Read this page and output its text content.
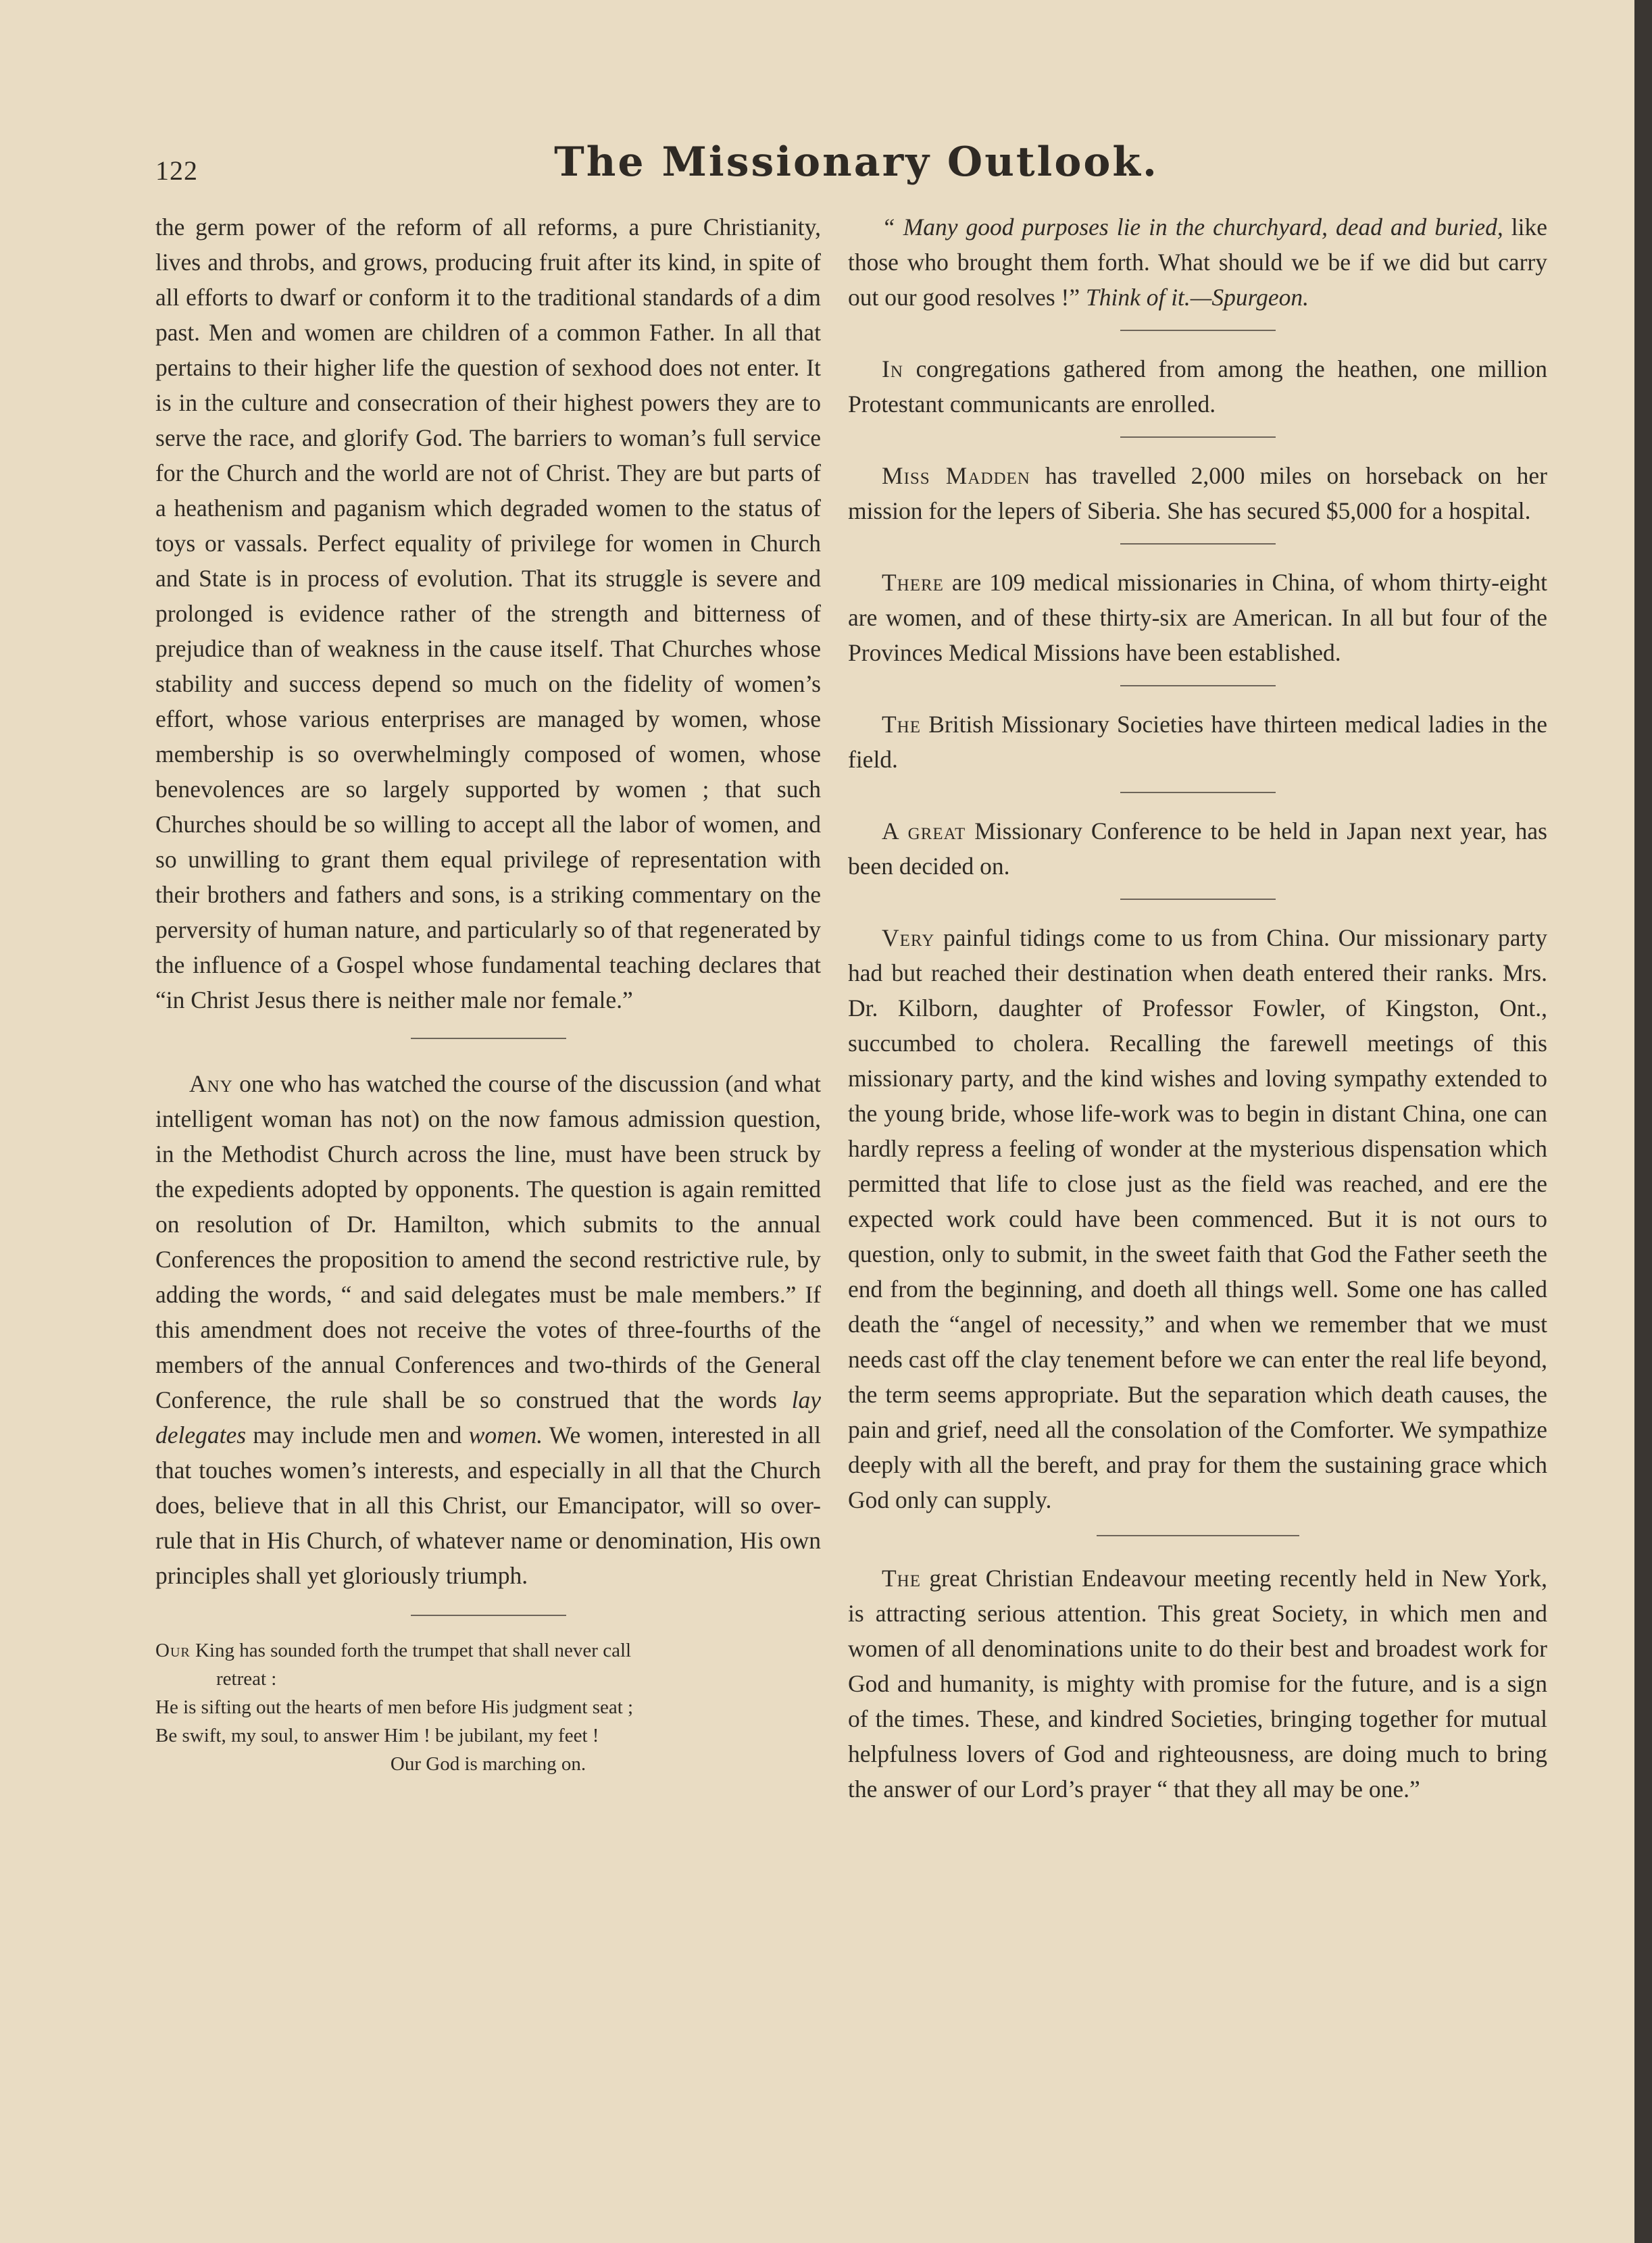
122	The Missionary Outlook.

the germ power of the reform of all reforms, a pure Christianity, lives and throbs, and grows, producing fruit after its kind, in spite of all efforts to dwarf or conform it to the traditional standards of a dim past. Men and women are children of a common Father. In all that pertains to their higher life the question of sexhood does not enter. It is in the culture and consecration of their highest powers they are to serve the race, and glorify God. The barriers to woman’s full service for the Church and the world are not of Christ. They are but parts of a heathenism and paganism which degraded women to the status of toys or vassals. Perfect equality of privilege for women in Church and State is in process of evolution. That its struggle is severe and prolonged is evidence rather of the strength and bitterness of prejudice than of weakness in the cause itself. That Churches whose stability and success depend so much on the fidelity of women’s effort, whose various enterprises are managed by women, whose membership is so overwhelmingly composed of women, whose benevolences are so largely supported by women ; that such Churches should be so willing to accept all the labor of women, and so unwilling to grant them equal privilege of representation with their brothers and fathers and sons, is a striking commentary on the perversity of human nature, and particularly so of that regenerated by the influence of a Gospel whose fundamental teaching declares that “in Christ Jesus there is neither male nor female.”

Any one who has watched the course of the discussion (and what intelligent woman has not) on the now famous admission question, in the Methodist Church across the line, must have been struck by the expedients adopted by opponents. The question is again remitted on resolution of Dr. Hamilton, which submits to the annual Conferences the proposition to amend the second restrictive rule, by adding the words, “ and said delegates must be male members.” If this amendment does not receive the votes of three-fourths of the members of the annual Conferences and two-thirds of the General Conference, the rule shall be so construed that the words lay delegates may include men and women. We women, interested in all that touches women’s interests, and especially in all that the Church does, believe that in all this Christ, our Emancipator, will so over-rule that in His Church, of whatever name or denomination, His own principles shall yet gloriously triumph.

Our King has sounded forth the trumpet that shall never call
retreat :
He is sifting out the hearts of men before His judgment seat ;
Be swift, my soul, to answer Him ! be jubilant, my feet !
Our God is marching on.

“ Many good purposes lie in the churchyard, dead and buried, like those who brought them forth. What should we be if we did but carry out our good resolves !” Think of it.—Spurgeon.

In congregations gathered from among the heathen, one million Protestant communicants are enrolled.

Miss Madden has travelled 2,000 miles on horseback on her mission for the lepers of Siberia. She has secured $5,000 for a hospital.

There are 109 medical missionaries in China, of whom thirty-eight are women, and of these thirty-six are American. In all but four of the Provinces Medical Missions have been established.

The British Missionary Societies have thirteen medical ladies in the field.

A great Missionary Conference to be held in Japan next year, has been decided on.

Very painful tidings come to us from China. Our missionary party had but reached their destination when death entered their ranks. Mrs. Dr. Kilborn, daughter of Professor Fowler, of Kingston, Ont., succumbed to cholera. Recalling the farewell meetings of this missionary party, and the kind wishes and loving sympathy extended to the young bride, whose life-work was to begin in distant China, one can hardly repress a feeling of wonder at the mysterious dispensation which permitted that life to close just as the field was reached, and ere the expected work could have been commenced. But it is not ours to question, only to submit, in the sweet faith that God the Father seeth the end from the beginning, and doeth all things well. Some one has called death the “angel of necessity,” and when we remember that we must needs cast off the clay tenement before we can enter the real life beyond, the term seems appropriate. But the separation which death causes, the pain and grief, need all the consolation of the Comforter. We sympathize deeply with all the bereft, and pray for them the sustaining grace which God only can supply.

The great Christian Endeavour meeting recently held in New York, is attracting serious attention. This great Society, in which men and women of all denominations unite to do their best and broadest work for God and humanity, is mighty with promise for the future, and is a sign of the times. These, and kindred Societies, bringing together for mutual helpfulness lovers of God and righteousness, are doing much to bring the answer of our Lord’s prayer “ that they all may be one.”
